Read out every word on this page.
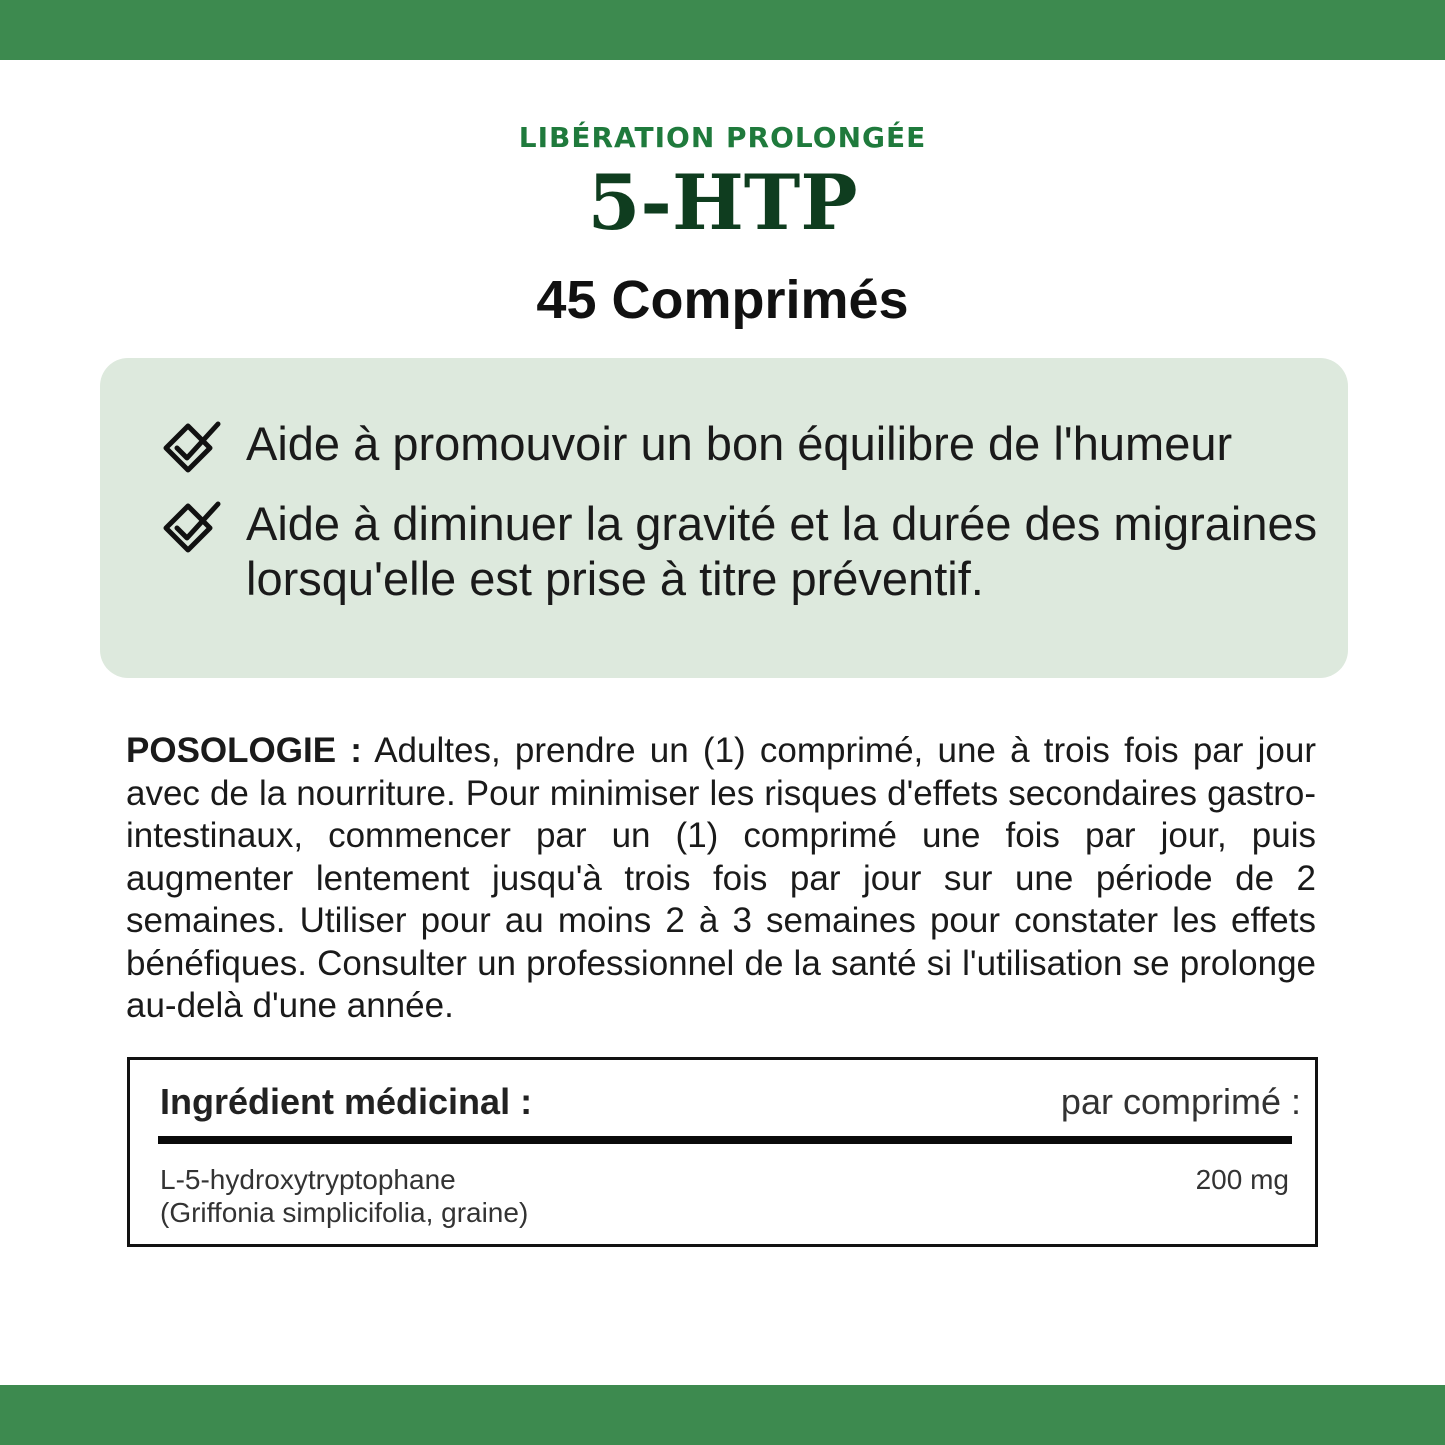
LIBÉRATION PROLONGÉE
5-HTP
45 Comprimés
Aide à promouvoir un bon équilibre de l'humeur
Aide à diminuer la gravité et la durée des migraines lorsqu'elle est prise à titre préventif.
POSOLOGIE : Adultes, prendre un (1) comprimé, une à trois fois par jour avec de la nourriture. Pour minimiser les risques d'effets secondaires gastro-intestinaux, commencer par un (1) comprimé une fois par jour, puis augmenter lentement jusqu'à trois fois par jour sur une période de 2 semaines. Utiliser pour au moins 2 à 3 semaines pour constater les effets bénéfiques. Consulter un professionnel de la santé si l'utilisation se prolonge au-delà d'une année.
Ingrédient médicinal :	par comprimé :
L-5-hydroxytryptophane
(Griffonia simplicifolia, graine)
200 mg
